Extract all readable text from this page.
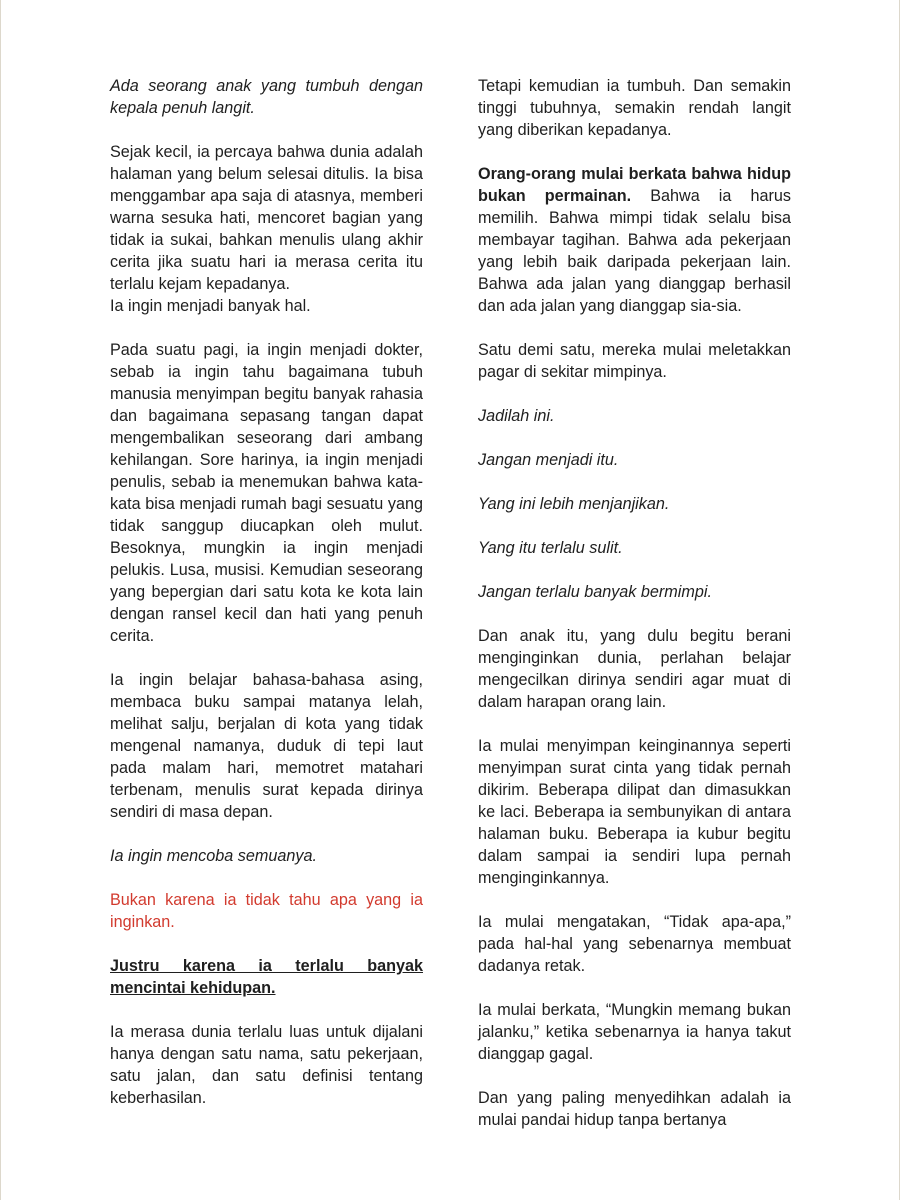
Ada seorang anak yang tumbuh dengan kepala penuh langit.

Sejak kecil, ia percaya bahwa dunia adalah halaman yang belum selesai ditulis. Ia bisa menggambar apa saja di atasnya, memberi warna sesuka hati, mencoret bagian yang tidak ia sukai, bahkan menulis ulang akhir cerita jika suatu hari ia merasa cerita itu terlalu kejam kepadanya.

Ia ingin menjadi banyak hal.

Pada suatu pagi, ia ingin menjadi dokter, sebab ia ingin tahu bagaimana tubuh manusia menyimpan begitu banyak rahasia dan bagaimana sepasang tangan dapat mengembalikan seseorang dari ambang kehilangan. Sore harinya, ia ingin menjadi penulis, sebab ia menemukan bahwa kata-kata bisa menjadi rumah bagi sesuatu yang tidak sanggup diucapkan oleh mulut. Besoknya, mungkin ia ingin menjadi pelukis. Lusa, musisi. Kemudian seseorang yang bepergian dari satu kota ke kota lain dengan ransel kecil dan hati yang penuh cerita.

Ia ingin belajar bahasa-bahasa asing, membaca buku sampai matanya lelah, melihat salju, berjalan di kota yang tidak mengenal namanya, duduk di tepi laut pada malam hari, memotret matahari terbenam, menulis surat kepada dirinya sendiri di masa depan.

Ia ingin mencoba semuanya.

Bukan karena ia tidak tahu apa yang ia inginkan.

Justru karena ia terlalu banyak mencintai kehidupan.

Ia merasa dunia terlalu luas untuk dijalani hanya dengan satu nama, satu pekerjaan, satu jalan, dan satu definisi tentang keberhasilan.

Tetapi kemudian ia tumbuh. Dan semakin tinggi tubuhnya, semakin rendah langit yang diberikan kepadanya.

Orang-orang mulai berkata bahwa hidup bukan permainan. Bahwa ia harus memilih. Bahwa mimpi tidak selalu bisa membayar tagihan. Bahwa ada pekerjaan yang lebih baik daripada pekerjaan lain. Bahwa ada jalan yang dianggap berhasil dan ada jalan yang dianggap sia-sia.

Satu demi satu, mereka mulai meletakkan pagar di sekitar mimpinya.

Jadilah ini.

Jangan menjadi itu.

Yang ini lebih menjanjikan.

Yang itu terlalu sulit.

Jangan terlalu banyak bermimpi.

Dan anak itu, yang dulu begitu berani menginginkan dunia, perlahan belajar mengecilkan dirinya sendiri agar muat di dalam harapan orang lain.

Ia mulai menyimpan keinginannya seperti menyimpan surat cinta yang tidak pernah dikirim. Beberapa dilipat dan dimasukkan ke laci. Beberapa ia sembunyikan di antara halaman buku. Beberapa ia kubur begitu dalam sampai ia sendiri lupa pernah menginginkannya.

Ia mulai mengatakan, “Tidak apa-apa,” pada hal-hal yang sebenarnya membuat dadanya retak.

Ia mulai berkata, “Mungkin memang bukan jalanku,” ketika sebenarnya ia hanya takut dianggap gagal.

Dan yang paling menyedihkan adalah ia mulai pandai hidup tanpa bertanya
